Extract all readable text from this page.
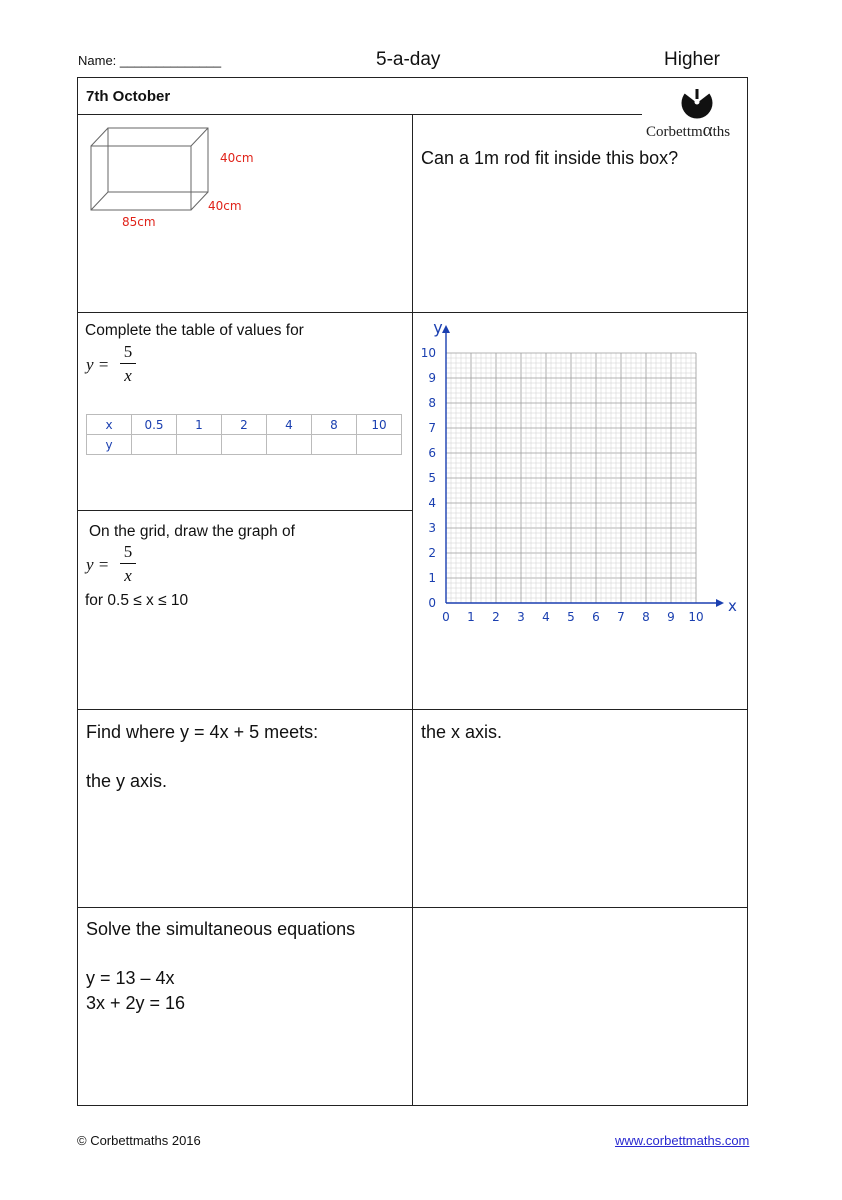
Name: ______________	5-a-day	Higher
7th October
Corbettmαths
40cm
40cm
85cm
Can a 1m rod fit inside this box?
Complete the table of values for
y =
5
x
x	0.5	1	2	4	8	10
y						
On the grid, draw the graph of
y =
5
x
for 0.5 ≤ x ≤ 10
0 1 2 3 4 5 6 7 8 9 10
0
1
2
3
4
5
6
7
8
9
10
x
y
Find where y = 4x + 5 meets:
the y axis.
the x axis.
Solve the simultaneous equations
y = 13 – 4x
3x + 2y = 16
© Corbettmaths 2016	www.corbettmaths.com
